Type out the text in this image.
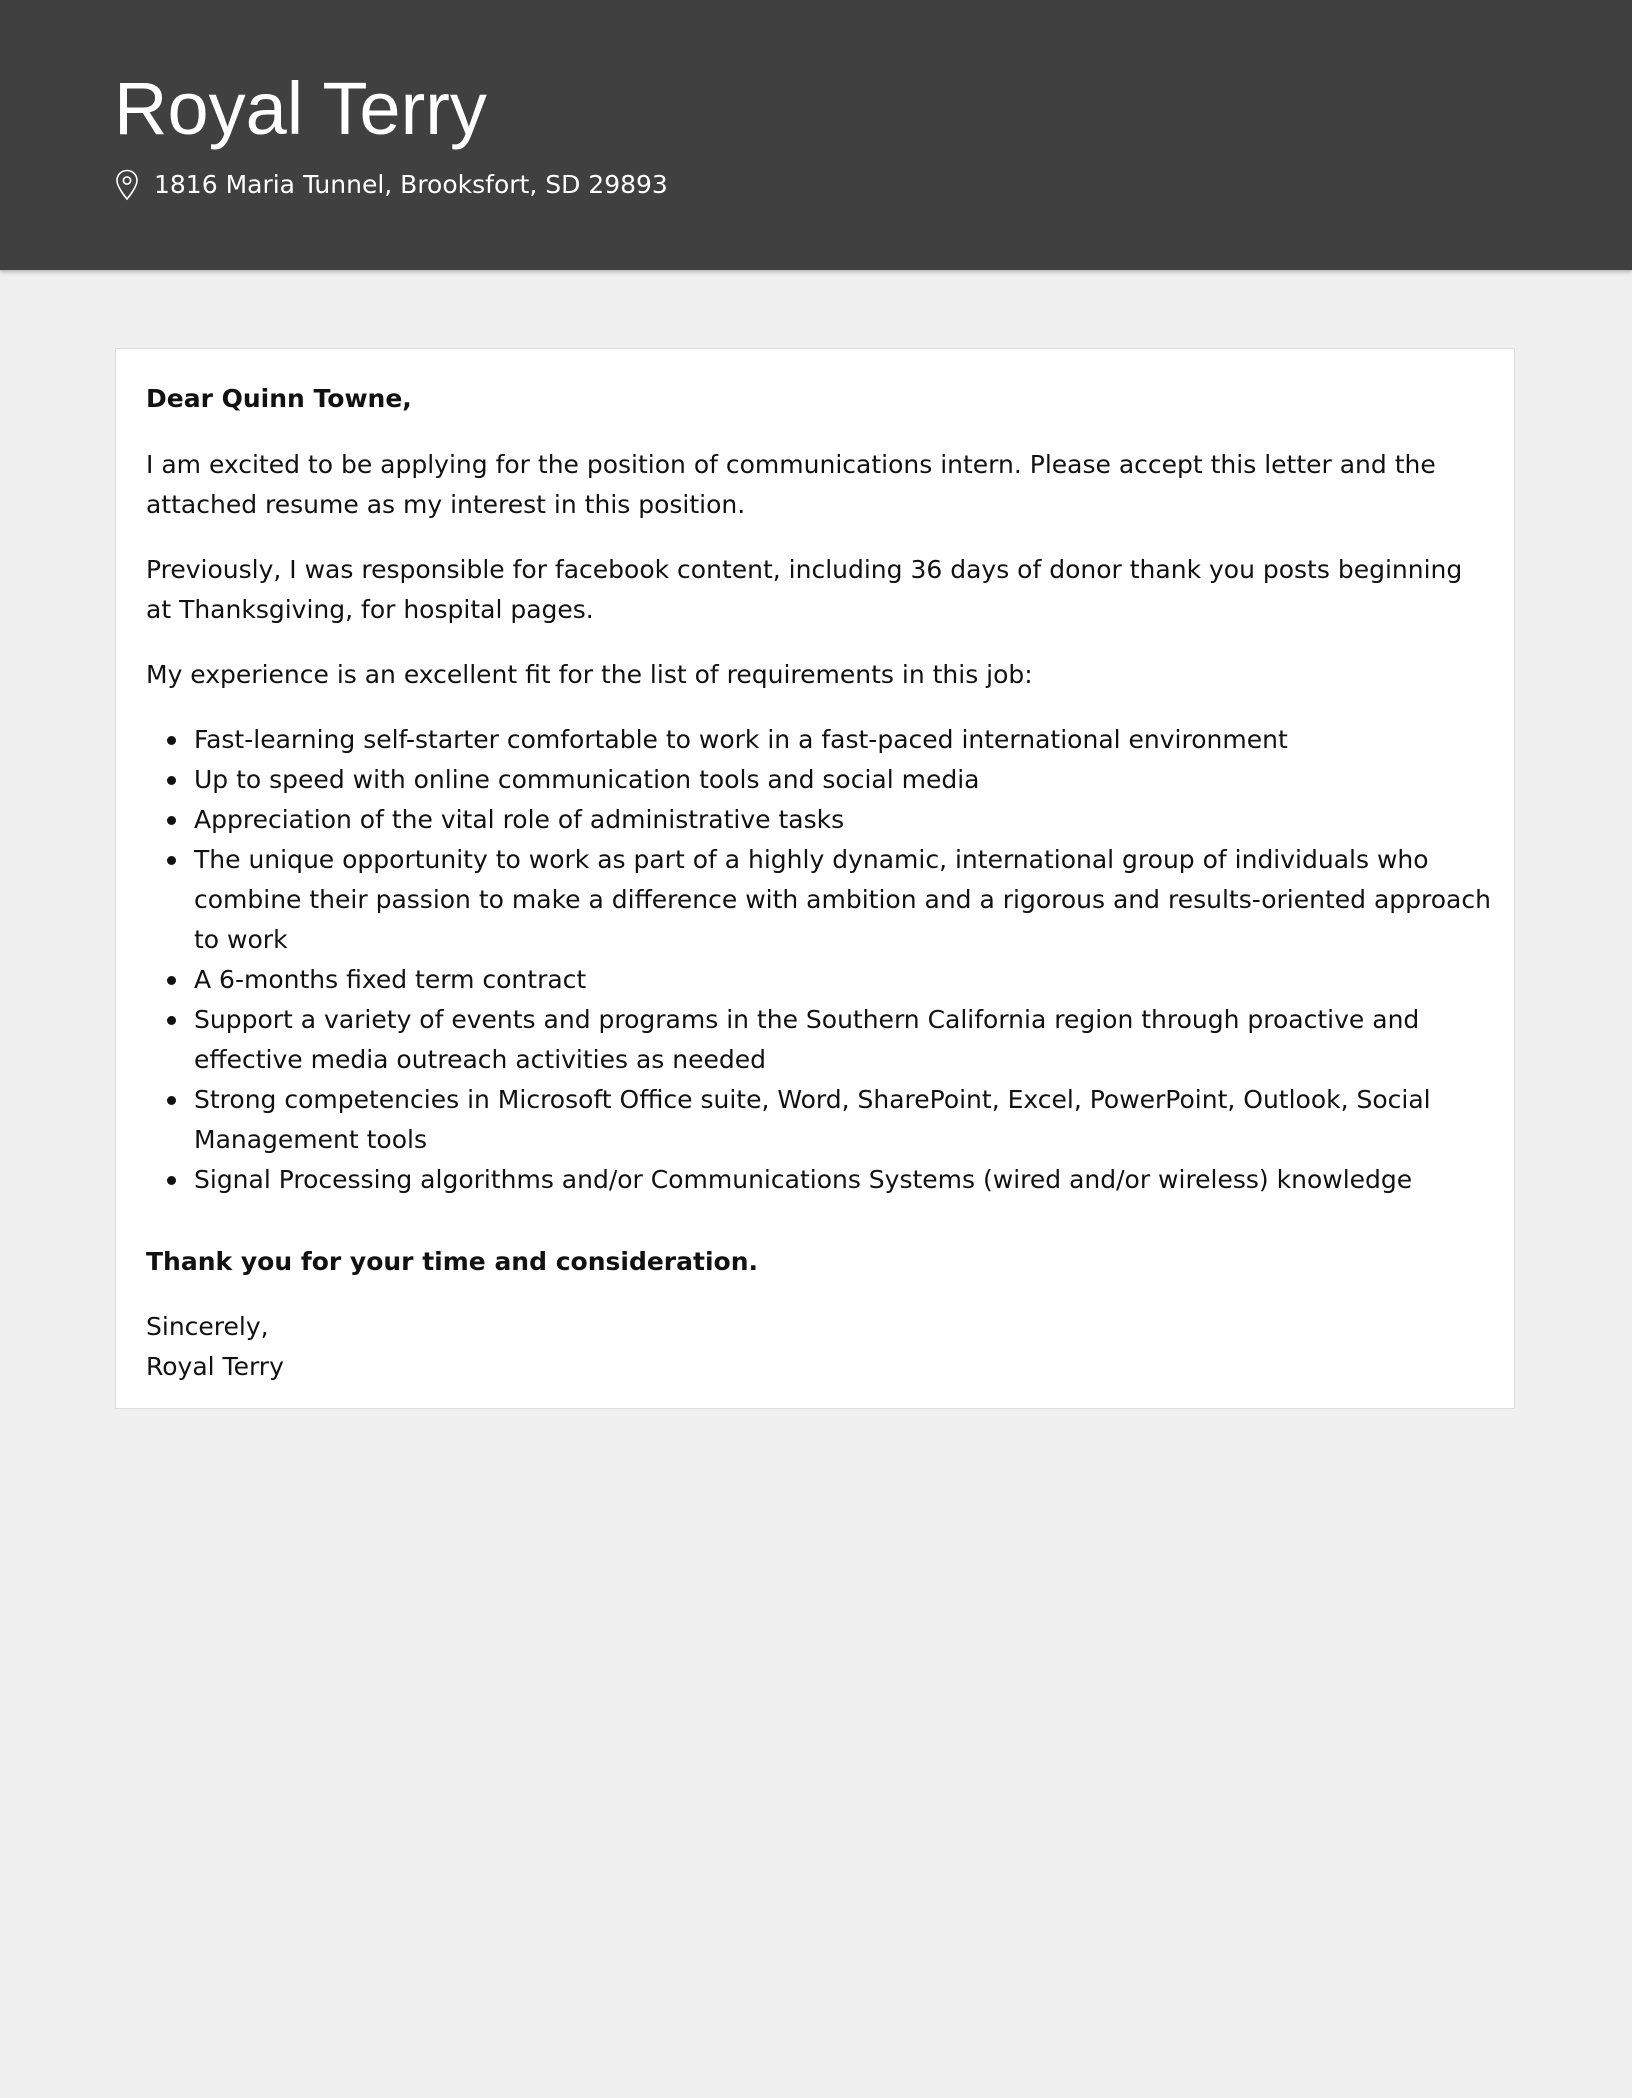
Royal Terry
1816 Maria Tunnel, Brooksfort, SD 29893

Dear Quinn Towne,

I am excited to be applying for the position of communications intern. Please accept this letter and the attached resume as my interest in this position.

Previously, I was responsible for facebook content, including 36 days of donor thank you posts beginning at Thanksgiving, for hospital pages.

My experience is an excellent fit for the list of requirements in this job:

Fast-learning self-starter comfortable to work in a fast-paced international environment
Up to speed with online communication tools and social media
Appreciation of the vital role of administrative tasks
The unique opportunity to work as part of a highly dynamic, international group of individuals who combine their passion to make a difference with ambition and a rigorous and results-oriented approach to work
A 6-months fixed term contract
Support a variety of events and programs in the Southern California region through proactive and effective media outreach activities as needed
Strong competencies in Microsoft Office suite, Word, SharePoint, Excel, PowerPoint, Outlook, Social Management tools
Signal Processing algorithms and/or Communications Systems (wired and/or wireless) knowledge

Thank you for your time and consideration.

Sincerely,
Royal Terry
